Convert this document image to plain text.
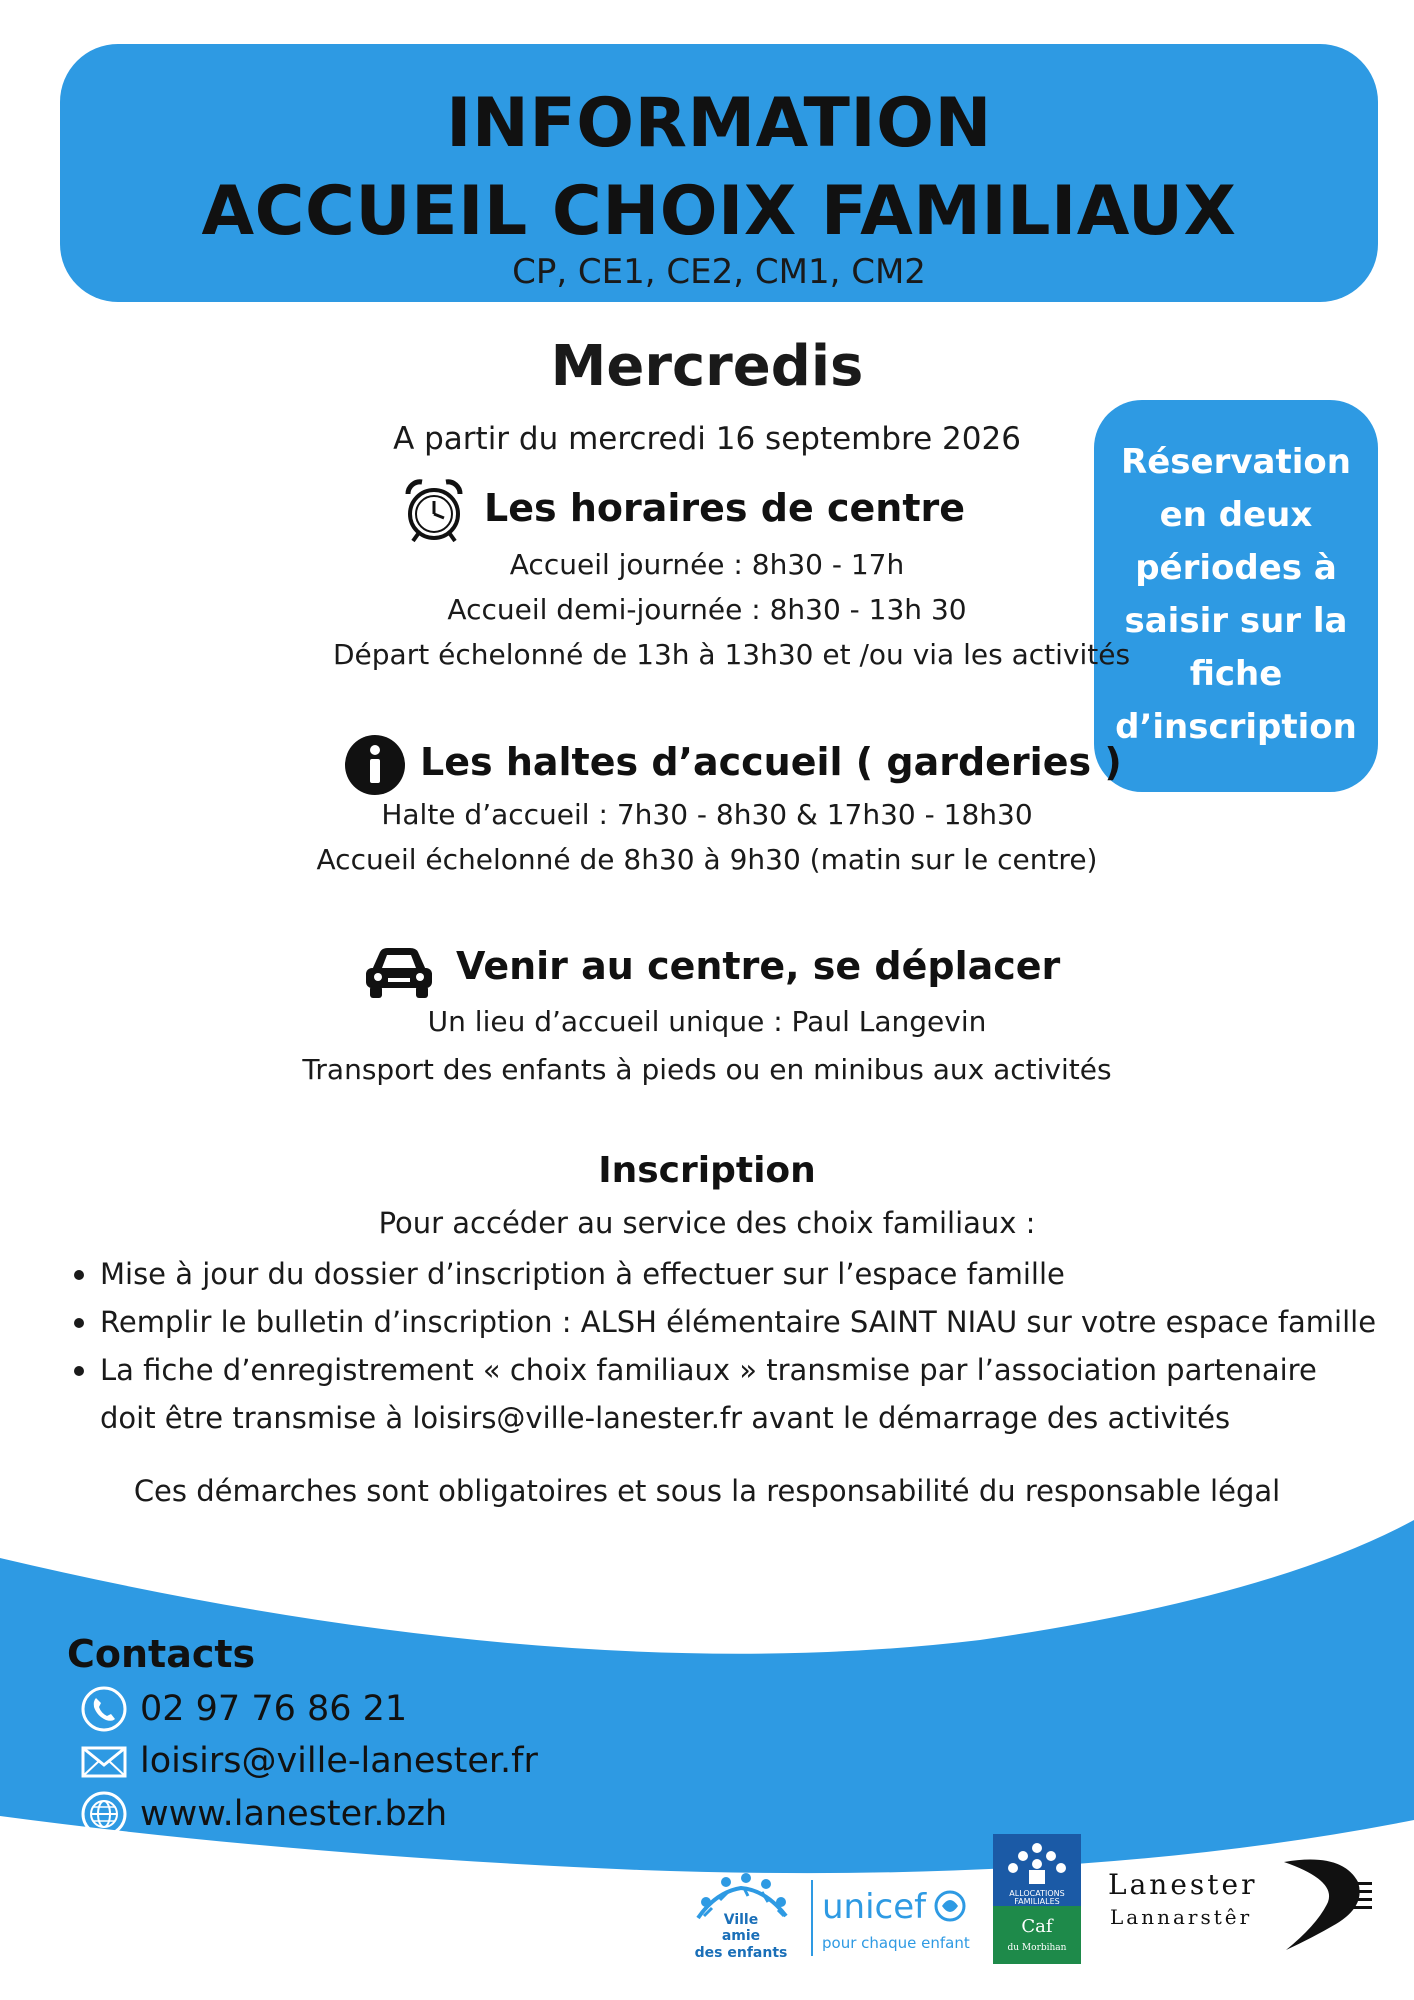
INFORMATION
ACCUEIL CHOIX FAMILIAUX
CP, CE1, CE2, CM1, CM2
Mercredis
A partir du mercredi 16 septembre 2026
Réservation
en deux
périodes à
saisir sur la
fiche
d’inscription
Les horaires de centre
Accueil journée : 8h30 - 17h
Accueil demi-journée : 8h30 - 13h 30
Départ échelonné de 13h à 13h30 et /ou via les activités
Les haltes d’accueil ( garderies )
Halte d’accueil : 7h30 - 8h30 & 17h30 - 18h30
Accueil échelonné de 8h30 à 9h30 (matin sur le centre)
Venir au centre, se déplacer
Un lieu d’accueil unique : Paul Langevin
Transport des enfants à pieds ou en minibus aux activités
Inscription
Pour accéder au service des choix familiaux :
Mise à jour du dossier d’inscription à effectuer sur l’espace famille
Remplir le bulletin d’inscription : ALSH élémentaire SAINT NIAU sur votre espace famille
La fiche d’enregistrement « choix familiaux » transmise par l’association partenaire doit être transmise à loisirs@ville-lanester.fr avant le démarrage des activités
Ces démarches sont obligatoires et sous la responsabilité du responsable légal
Contacts
02 97 76 86 21
loisirs@ville-lanester.fr
www.lanester.bzh
Ville
amie
des enfants
unicef
pour chaque enfant
ALLOCATIONS
FAMILIALES
Caf
du Morbihan
Lanester
Lannarstêr
